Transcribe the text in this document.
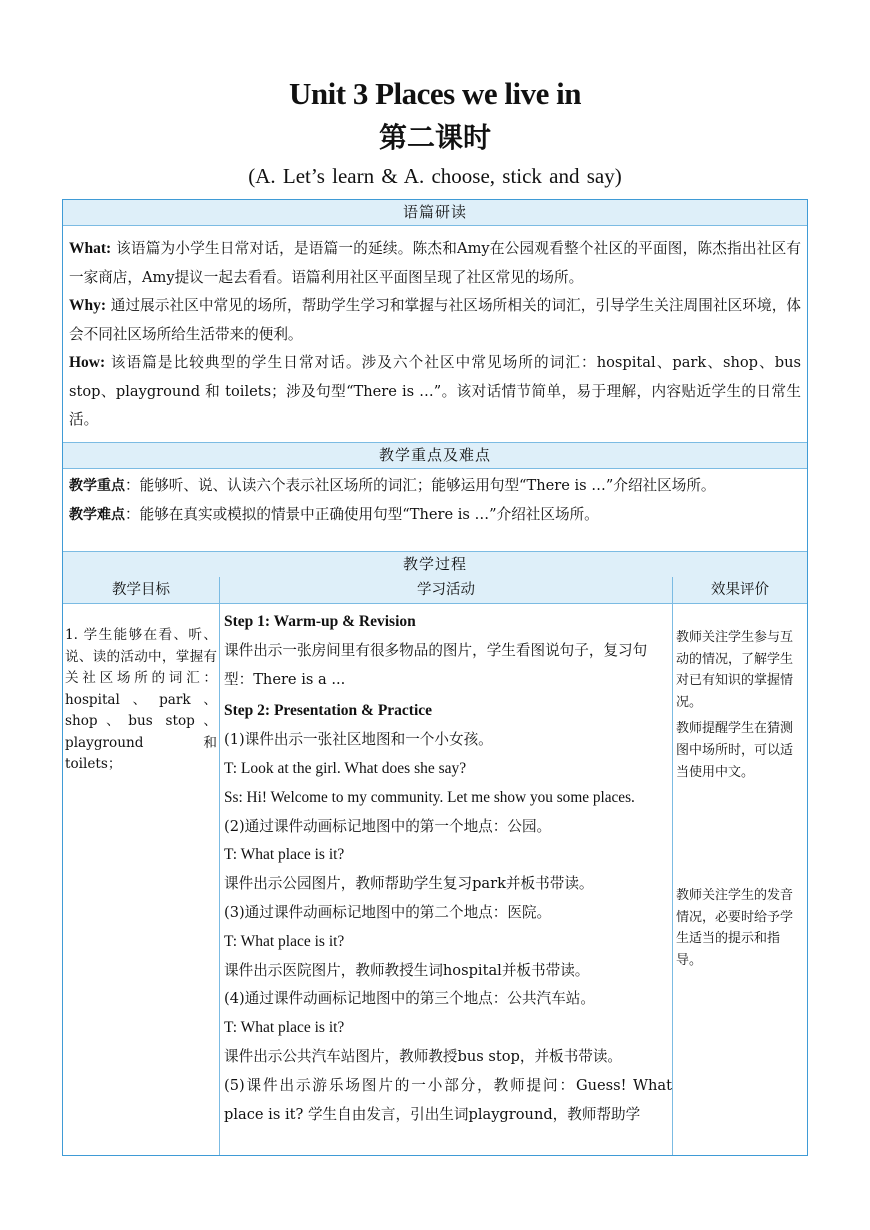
Unit 3 Places we live in
第二课时
(A. Let’s learn & A. choose, stick and say)
语篇研读

What: 该语篇为小学生日常对话，是语篇一的延续。陈杰和Amy在公园观看整个社区的平面图，陈杰指出社区有一家商店，Amy提议一起去看看。语篇利用社区平面图呈现了社区常见的场所。

Why: 通过展示社区中常见的场所，帮助学生学习和掌握与社区场所相关的词汇，引导学生关注周围社区环境，体会不同社区场所给生活带来的便利。

How: 该语篇是比较典型的学生日常对话。涉及六个社区中常见场所的词汇：hospital、park、shop、bus stop、playground 和 toilets；涉及句型“There is …”。该对话情节简单，易于理解，内容贴近学生的日常生活。

教学重点及难点

教学重点：能够听、说、认读六个表示社区场所的词汇；能够运用句型“There is …”介绍社区场所。

教学难点：能够在真实或模拟的情景中正确使用句型“There is …”介绍社区场所。

教学过程
教学目标	学习活动	效果评价
1. 学生能够在看、听、说、读的活动中，掌握有关社区场所的词汇：hospital、park、shop、bus stop、playground 和 toilets；

Step 1: Warm-up & Revision

课件出示一张房间里有很多物品的图片，学生看图说句子，复习句型：There is a ...

Step 2: Presentation & Practice

(1)课件出示一张社区地图和一个小女孩。

T: Look at the girl. What does she say?

Ss: Hi! Welcome to my community. Let me show you some places.

(2)通过课件动画标记地图中的第一个地点：公园。

T: What place is it?

课件出示公园图片，教师帮助学生复习park并板书带读。

(3)通过课件动画标记地图中的第二个地点：医院。

T: What place is it?

课件出示医院图片，教师教授生词hospital并板书带读。

(4)通过课件动画标记地图中的第三个地点：公共汽车站。

T: What place is it?

课件出示公共汽车站图片，教师教授bus stop，并板书带读。

(5)课件出示游乐场图片的一小部分，教师提问：Guess! What place is it? 学生自由发言，引出生词playground，教师帮助学

教师关注学生参与互动的情况，了解学生对已有知识的掌握情况。

教师提醒学生在猜测图中场所时，可以适当使用中文。

教师关注学生的发音情况，必要时给予学生适当的提示和指导。
